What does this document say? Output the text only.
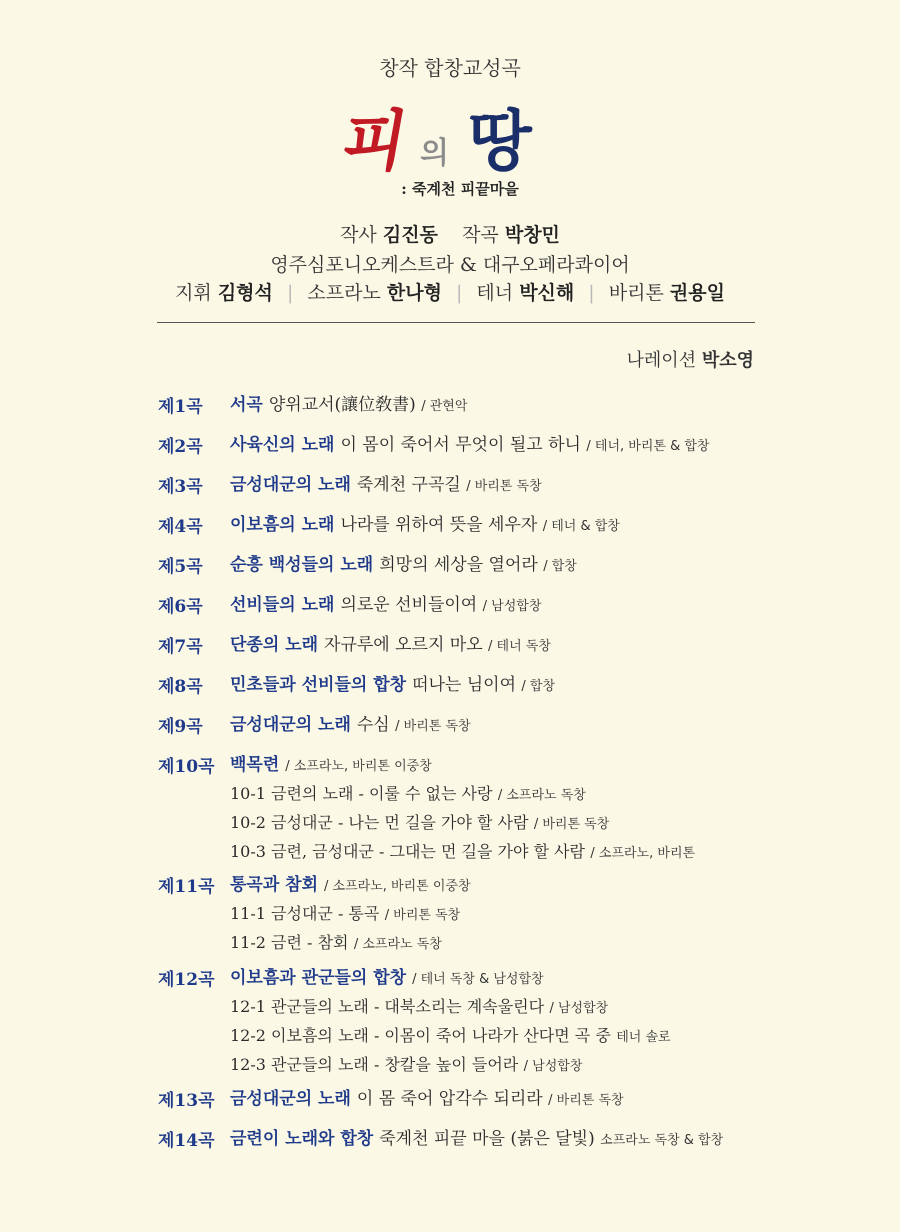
창작 합창교성곡
피 의 땅
: 죽계천 피끝마을
작사 김진동 작곡 박창민
영주심포니오케스트라 & 대구오페라콰이어
지휘 김형석 | 소프라노 한나형 | 테너 박신해 | 바리톤 권용일
나레이션 박소영
제1곡	서곡 양위교서(讓位敎書) / 관현악
제2곡	사육신의 노래 이 몸이 죽어서 무엇이 될고 하니 / 테너, 바리톤 & 합창
제3곡	금성대군의 노래 죽계천 구곡길 / 바리톤 독창
제4곡	이보흠의 노래 나라를 위하여 뜻을 세우자 / 테너 & 합창
제5곡	순흥 백성들의 노래 희망의 세상을 열어라 / 합창
제6곡	선비들의 노래 의로운 선비들이여 / 남성합창
제7곡	단종의 노래 자규루에 오르지 마오 / 테너 독창
제8곡	민초들과 선비들의 합창 떠나는 님이여 / 합창
제9곡	금성대군의 노래 수심 / 바리톤 독창
제10곡 백목련 / 소프라노, 바리톤 이중창
10-1 금련의 노래 - 이룰 수 없는 사랑 / 소프라노 독창
10-2 금성대군 - 나는 먼 길을 가야 할 사람 / 바리톤 독창
10-3 금련, 금성대군 - 그대는 먼 길을 가야 할 사람 / 소프라노, 바리톤
제11곡 통곡과 참회 / 소프라노, 바리톤 이중창
11-1 금성대군 - 통곡 / 바리톤 독창
11-2 금련 - 참회 / 소프라노 독창
제12곡 이보흠과 관군들의 합창 / 테너 독창 & 남성합창
12-1 관군들의 노래 - 대북소리는 계속울린다 / 남성합창
12-2 이보흠의 노래 - 이몸이 죽어 나라가 산다면 곡 중 테너 솔로
12-3 관군들의 노래 - 창칼을 높이 들어라 / 남성합창
제13곡 금성대군의 노래 이 몸 죽어 압각수 되리라 / 바리톤 독창
제14곡 금련이 노래와 합창 죽계천 피끝 마을 (붉은 달빛) 소프라노 독창 & 합창
